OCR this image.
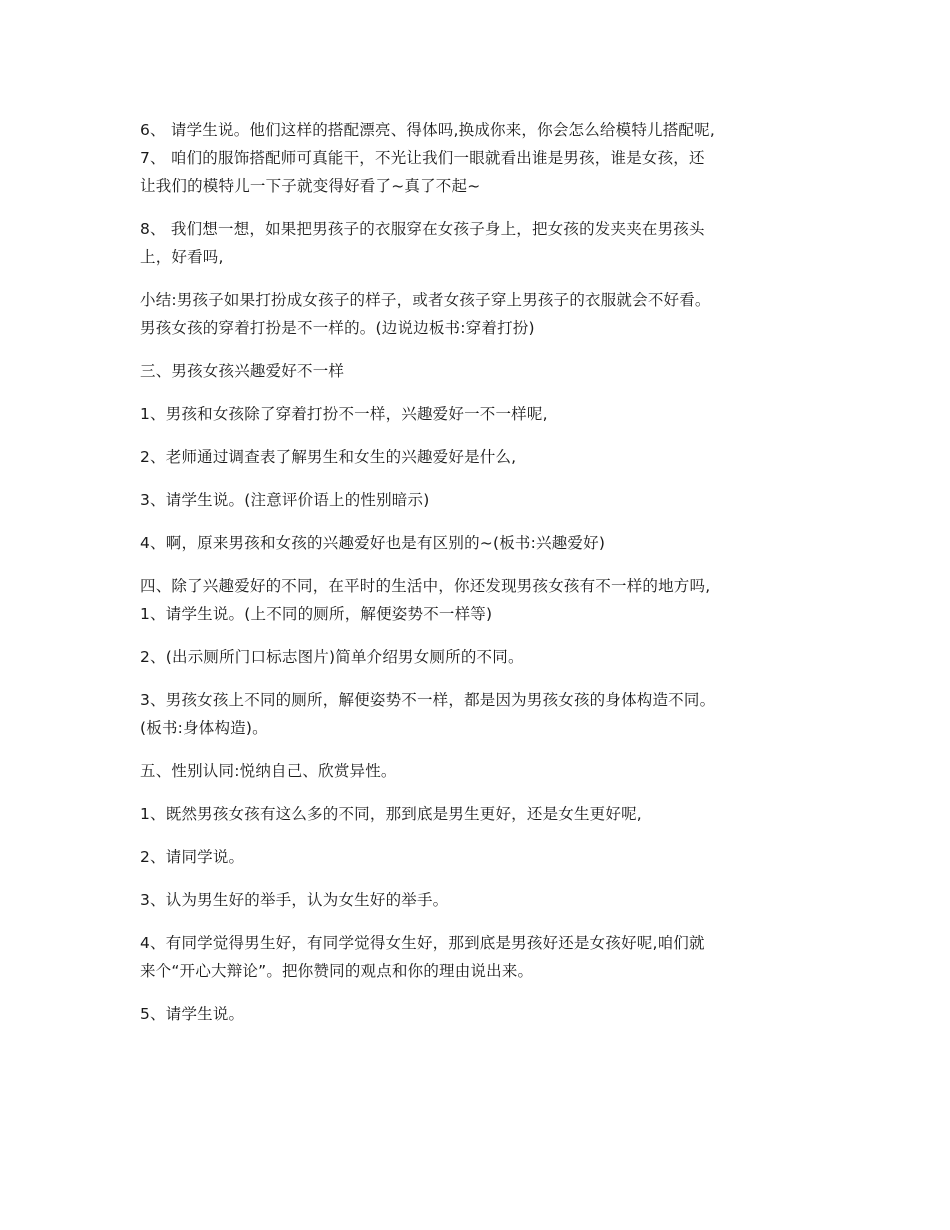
6、 请学生说。他们这样的搭配漂亮、得体吗,换成你来，你会怎么给模特儿搭配呢,

7、 咱们的服饰搭配师可真能干，不光让我们一眼就看出谁是男孩，谁是女孩，还
让我们的模特儿一下子就变得好看了~真了不起~

8、 我们想一想，如果把男孩子的衣服穿在女孩子身上，把女孩的发夹夹在男孩头
上，好看吗,

小结:男孩子如果打扮成女孩子的样子，或者女孩子穿上男孩子的衣服就会不好看。
男孩女孩的穿着打扮是不一样的。(边说边板书:穿着打扮)

三、男孩女孩兴趣爱好不一样

1、男孩和女孩除了穿着打扮不一样，兴趣爱好一不一样呢,

2、老师通过调查表了解男生和女生的兴趣爱好是什么,

3、请学生说。(注意评价语上的性别暗示)

4、啊，原来男孩和女孩的兴趣爱好也是有区别的~(板书:兴趣爱好)

四、除了兴趣爱好的不同，在平时的生活中，你还发现男孩女孩有不一样的地方吗,

1、请学生说。(上不同的厕所，解便姿势不一样等)

2、(出示厕所门口标志图片)简单介绍男女厕所的不同。

3、男孩女孩上不同的厕所，解便姿势不一样，都是因为男孩女孩的身体构造不同。
(板书:身体构造)。

五、性别认同:悦纳自己、欣赏异性。

1、既然男孩女孩有这么多的不同，那到底是男生更好，还是女生更好呢,

2、请同学说。

3、认为男生好的举手，认为女生好的举手。

4、有同学觉得男生好，有同学觉得女生好，那到底是男孩好还是女孩好呢,咱们就
来个“开心大辩论”。把你赞同的观点和你的理由说出来。

5、请学生说。
